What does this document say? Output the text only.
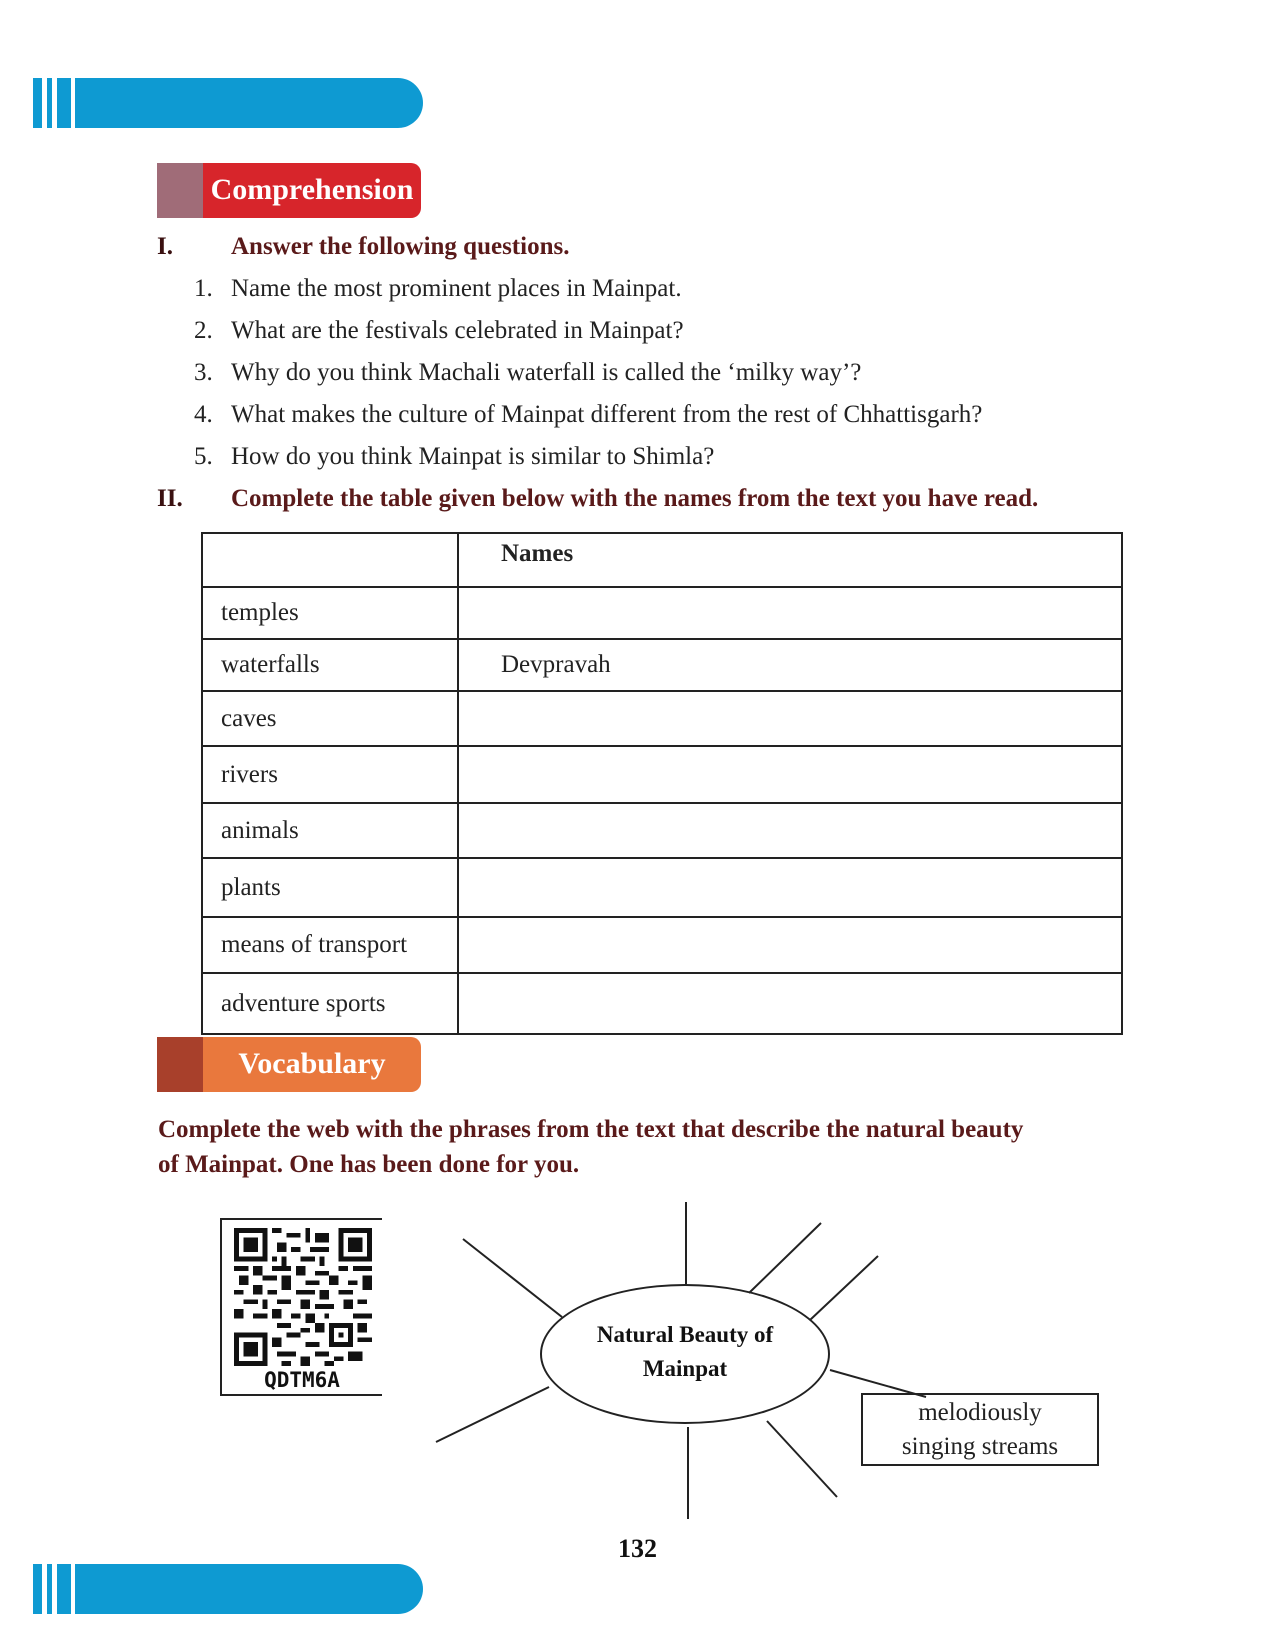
Comprehension
I. Answer the following questions.
1. Name the most prominent places in Mainpat.
2. What are the festivals celebrated in Mainpat?
3. Why do you think Machali waterfall is called the ‘milky way’?
4. What makes the culture of Mainpat different from the rest of Chhattisgarh?
5. How do you think Mainpat is similar to Shimla?
II. Complete the table given below with the names from the text you have read.
	Names
temples	
waterfalls	Devpravah
caves	
rivers	
animals	
plants	
means of transport	
adventure sports	
Vocabulary
Complete the web with the phrases from the text that describe the natural beauty
of Mainpat. One has been done for you.
QDTM6A
Natural Beauty of
Mainpat
melodiously
singing streams
132
